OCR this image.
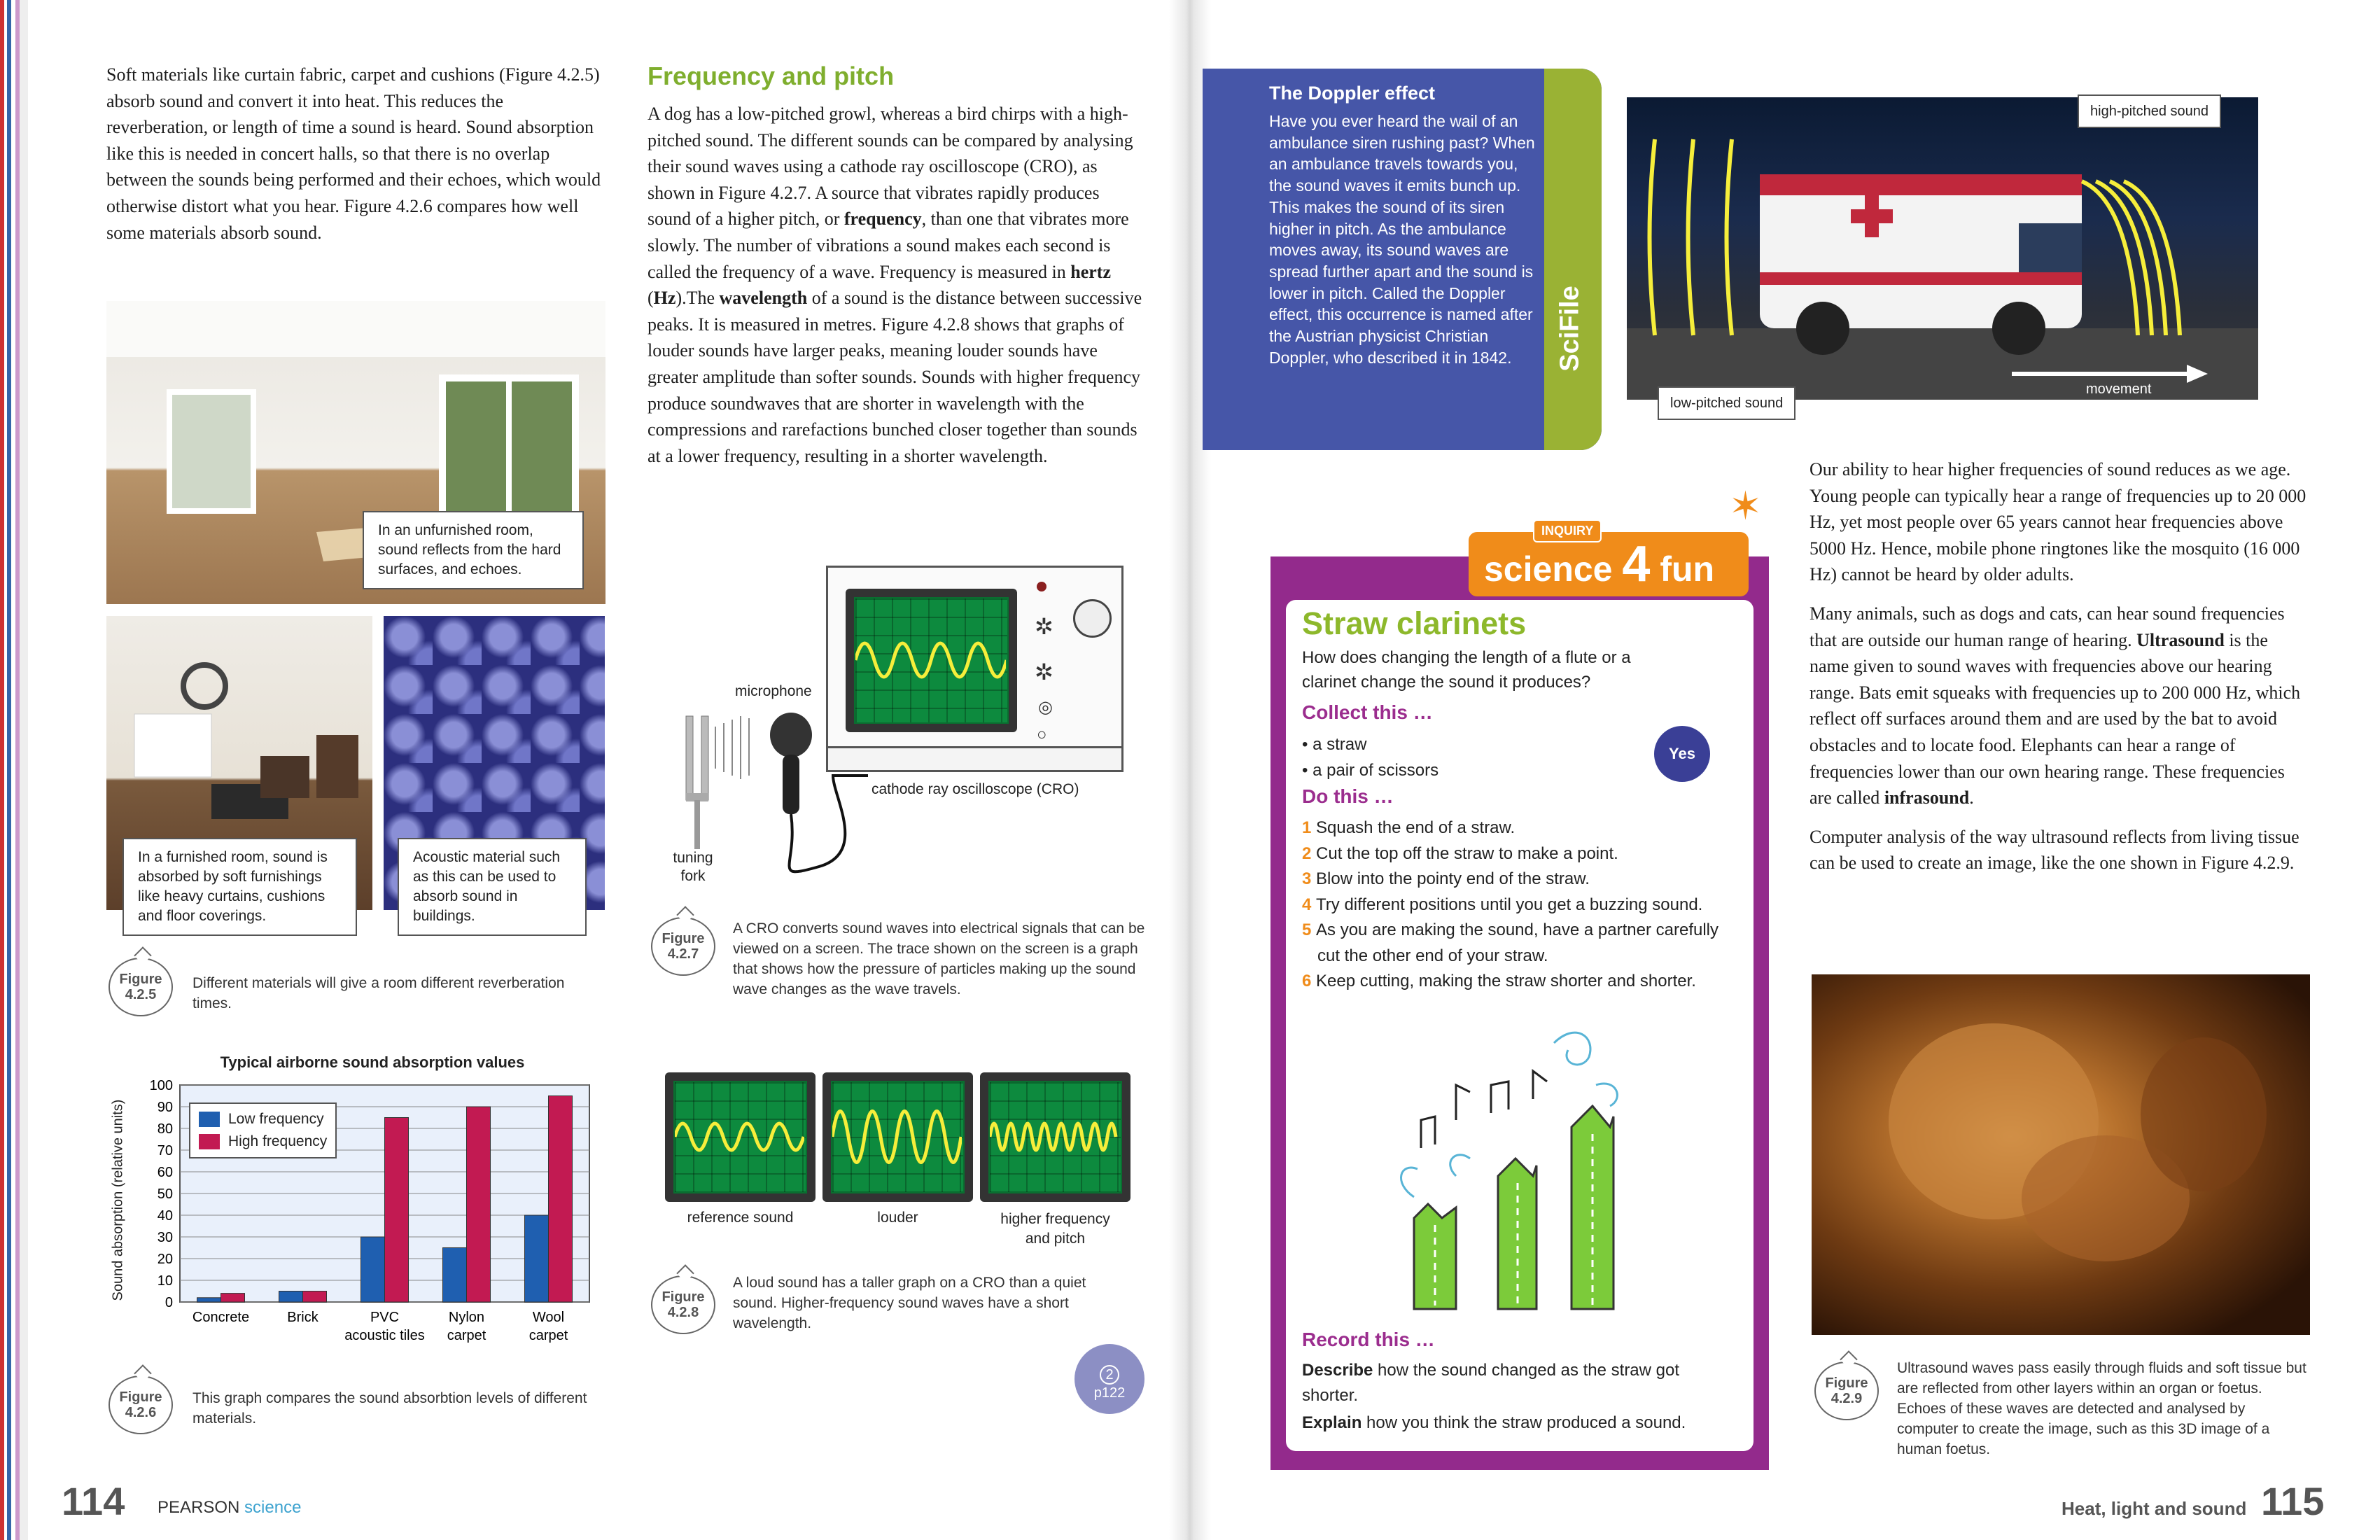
Soft materials like curtain fabric, carpet and cushions (Figure 4.2.5) absorb sound and convert it into heat. This reduces the reverberation, or length of time a sound is heard. Sound absorption like this is needed in concert halls, so that there is no overlap between the sounds being performed and their echoes, which would otherwise distort what you hear. Figure 4.2.6 compares how well some materials absorb sound.
In an unfurnished room, sound reflects from the hard surfaces, and echoes.
In a furnished room, sound is absorbed by soft furnishings like heavy curtains, cushions and floor coverings.
Acoustic material such as this can be used to absorb sound in buildings.
Figure
4.2.5
Different materials will give a room different reverberation times.
Typical airborne sound absorption values
Sound absorption (relative units)
0
10
20
30
40
50
60
70
80
90
100
Concrete	Brick	PVC
acoustic tiles
Nylon
carpet
Wool
carpet
Low frequency
High frequency
Figure
4.2.6
This graph compares the sound absorbtion levels of different materials.
Frequency and pitch
A dog has a low-pitched growl, whereas a bird chirps with a high-pitched sound. The different sounds can be compared by analysing their sound waves using a cathode ray oscilloscope (CRO), as shown in Figure 4.2.7. A source that vibrates rapidly produces sound of a higher pitch, or frequency, than one that vibrates more slowly. The number of vibrations a sound makes each second is called the frequency of a wave. Frequency is measured in hertz (Hz).The wavelength of a sound is the distance between successive peaks. It is measured in metres. Figure 4.2.8 shows that graphs of louder sounds have larger peaks, meaning louder sounds have greater amplitude than softer sounds. Sounds with higher frequency produce soundwaves that are shorter in wavelength with the compressions and rarefactions bunched closer together than sounds at a lower frequency, resulting in a shorter wavelength.
✲
✲
◎
○
microphone
tuning fork
cathode ray oscilloscope (CRO)
Figure
4.2.7
A CRO converts sound waves into electrical signals that can be viewed on a screen. The trace shown on the screen is a graph that shows how the pressure of particles making up the sound wave changes as the wave travels.
reference sound	louder	higher frequency and pitch
Figure
4.2.8
A loud sound has a taller graph on a CRO than a quiet sound. Higher-frequency sound waves have a short wavelength.
2
p122
114 PEARSON science
SciFile
The Doppler effect
Have you ever heard the wail of an ambulance siren rushing past? When an ambulance travels towards you, the sound waves it emits bunch up. This makes the sound of its siren higher in pitch. As the ambulance moves away, its sound waves are spread further apart and the sound is lower in pitch. Called the Doppler effect, this occurrence is named after the Austrian physicist Christian Doppler, who described it in 1842.
high-pitched sound
low-pitched sound
movement
science 4 fun
INQUIRY
✶
Straw clarinets
How does changing the length of a flute or a clarinet change the sound it produces?
Collect this …
• a straw
• a pair of scissors
Yes
Do this …
1 Squash the end of a straw.
2 Cut the top off the straw to make a point.
3 Blow into the pointy end of the straw.
4 Try different positions until you get a buzzing sound.
5 As you are making the sound, have a partner carefully cut the other end of your straw.
6 Keep cutting, making the straw shorter and shorter.
Record this …
Describe how the sound changed as the straw got shorter.
Explain how you think the straw produced a sound.

Our ability to hear higher frequencies of sound reduces as we age. Young people can typically hear a range of frequencies up to 20 000 Hz, yet most people over 65 years cannot hear frequencies above 5000 Hz. Hence, mobile phone ringtones like the mosquito (16 000 Hz) cannot be heard by older adults.

Many animals, such as dogs and cats, can hear sound frequencies that are outside our human range of hearing. Ultrasound is the name given to sound waves with frequencies above our hearing range. Bats emit squeaks with frequencies up to 200 000 Hz, which reflect off surfaces around them and are used by the bat to avoid obstacles and to locate food. Elephants can hear a range of frequencies lower than our own hearing range. These frequencies are called infrasound.

Computer analysis of the way ultrasound reflects from living tissue can be used to create an image, like the one shown in Figure 4.2.9.

Figure
4.2.9
Ultrasound waves pass easily through fluids and soft tissue but are reflected from other layers within an organ or foetus. Echoes of these waves are detected and analysed by computer to create the image, such as this 3D image of a human foetus.
Heat, light and sound 115
